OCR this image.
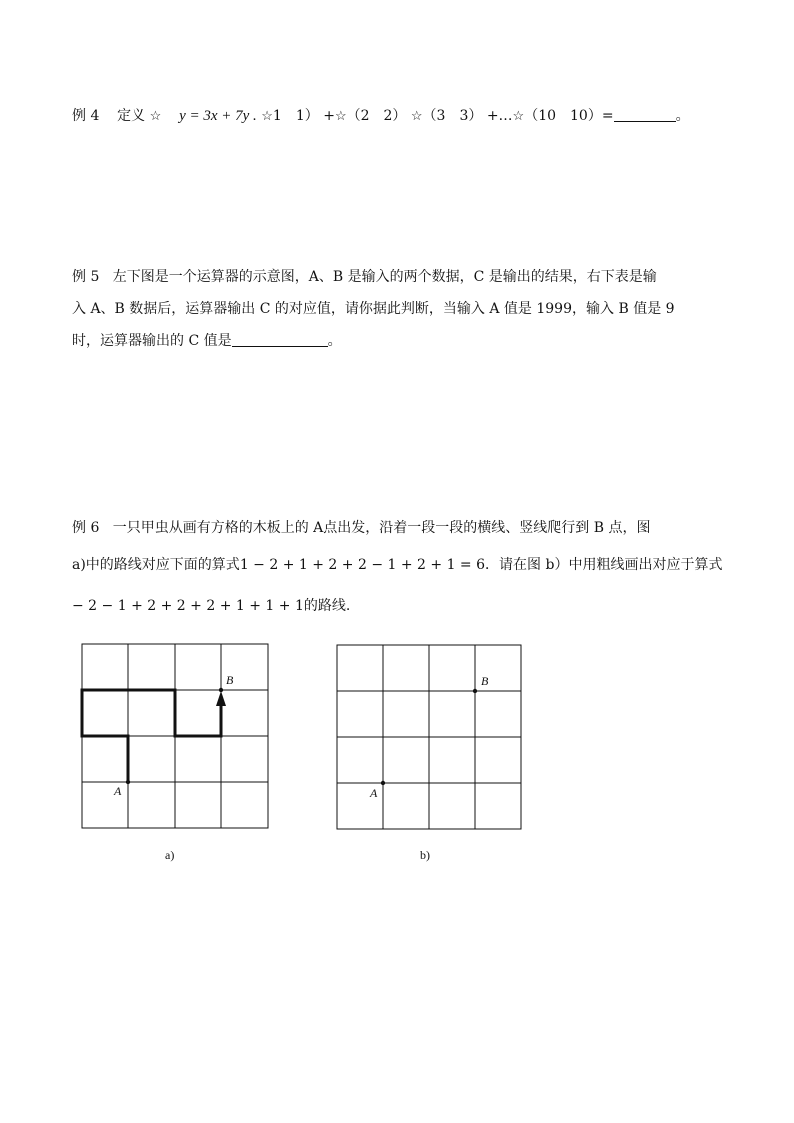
例 4 定义 ☆ y = 3x + 7y . ☆1　1） +☆（2　2） ☆（3　3） +…☆（10　10）=	。
例 5 左下图是一个运算器的示意图，A、B 是输入的两个数据，C 是输出的结果，右下表是输
入 A、B 数据后，运算器输出 C 的对应值，请你据此判断，当输入 A 值是 1999，输入 B 值是 9
时，运算器输出的 C 值是	。
例 6 一只甲虫从画有方格的木板上的 A点出发，沿着一段一段的横线、竖线爬行到 B 点，图
a)中的路线对应下面的算式1 − 2 + 1 + 2 + 2 − 1 + 2 + 1 = 6．请在图 b）中用粗线画出对应于算式
− 2 − 1 + 2 + 2 + 2 + 1 + 1 + 1的路线.
A
B
a)
A
B
b)
